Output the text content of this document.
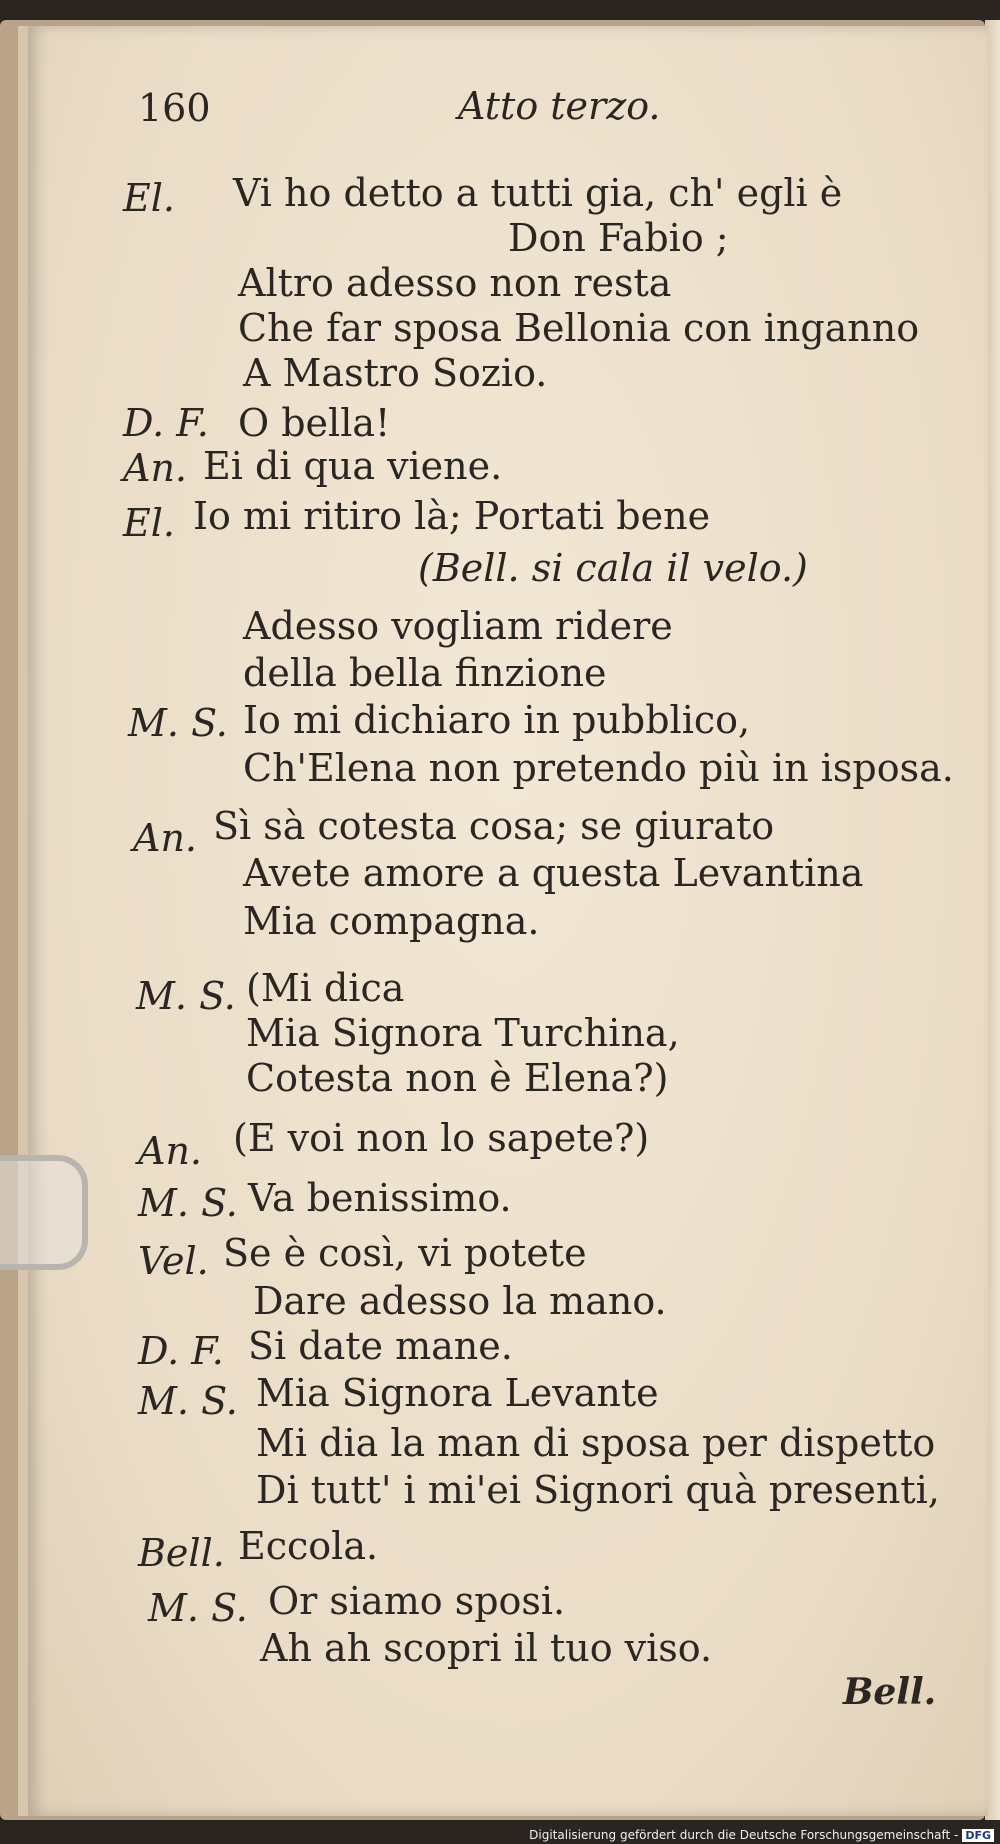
160	Atto terzo.
El. Vi ho detto a tutti gia, ch' egli è
Don Fabio ;
Altro adesso non resta
Che far sposa Bellonia con inganno
A Mastro Sozio.
D. F. O bella!
An. Ei di qua viene.
El. Io mi ritiro là; Portati bene
(Bell. si cala il velo.)
Adesso vogliam ridere
della bella finzione
M. S. Io mi dichiaro in pubblico,
Ch'Elena non pretendo più in isposa.
An. Sì sà cotesta cosa; se giurato
Avete amore a questa Levantina
Mia compagna.
M. S. (Mi dica
Mia Signora Turchina,
Cotesta non è Elena?)
An. (E voi non lo sapete?)
M. S. Va benissimo.
Vel. Se è così, vi potete
Dare adesso la mano.
D. F. Si date mane.
M. S. Mia Signora Levante
Mi dia la man di sposa per dispetto
Di tutt' i mi'ei Signori quà presenti,
Bell. Eccola.
M. S. Or siamo sposi.
Ah ah scopri il tuo viso.
Bell.
Digitalisierung gefördert durch die Deutsche Forschungsgemeinschaft - DFG
